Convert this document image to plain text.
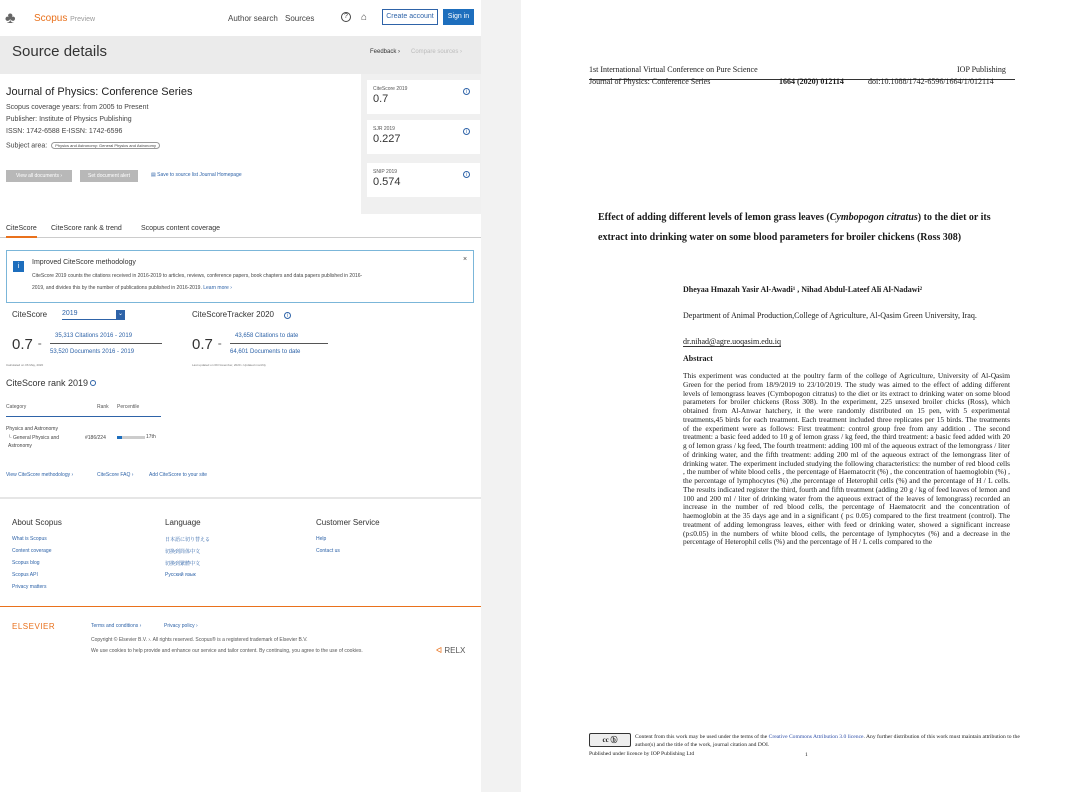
♣	Scopus Preview	Author search Sources	?	⌂	Create account	Sign in
Source details	Feedback › Compare sources ›
Journal of Physics: Conference Series
Scopus coverage years: from 2005 to Present
Publisher: Institute of Physics Publishing
ISSN: 1742-6588 E-ISSN: 1742-6596
Subject area: Physics and Astronomy: General Physics and Astronomy
View all documents ›	Set document alert	▤ Save to source list Journal Homepage
CiteScore 2019
0.7
i
SJR 2019
0.227
i
SNIP 2019
0.574
i
CiteScore CiteScore rank & trend	Scopus content coverage
i
Improved CiteScore methodology
CiteScore 2019 counts the citations received in 2016-2019 to articles, reviews, conference papers, book chapters and data papers published in 2016-2019, and divides this by the number of publications published in 2016-2019. Learn more ›
×
CiteScore 2019	⌄
0.7 =
35,313 Citations 2016 - 2019
53,520 Documents 2016 - 2019
Calculated on 06 May, 2020
CiteScoreTracker 2020	i
0.7 =
43,658 Citations to date
64,601 Documents to date
Last updated on 09 November, 2020 • Updated monthly
CiteScore rank 2019
Category	Rank Percentile
Physics and Astronomy
└ General Physics and Astronomy
#186/224	17th
View CiteScore methodology ›	CiteScore FAQ ›	Add CiteScore to your site
About Scopus
What is Scopus
Content coverage
Scopus blog
Scopus API
Privacy matters
Language
日本語に切り替える
切换到简体中文
切換到繁體中文
Русский язык
Customer Service
Help
Contact us
ELSEVIER	Terms and conditions ›	Privacy policy ›
Copyright © Elsevier B.V. ›. All rights reserved. Scopus® is a registered trademark of Elsevier B.V.
We use cookies to help provide and enhance our service and tailor content. By continuing, you agree to the use of cookies.	ᐊ RELX
1st International Virtual Conference on Pure Science	IOP Publishing
Journal of Physics: Conference Series	1664 (2020) 012114	doi:10.1088/1742-6596/1664/1/012114
Effect of adding different levels of lemon grass leaves (Cymbopogon citratus) to the diet or its extract into drinking water on some blood parameters for broiler chickens (Ross 308)
Dheyaa Hmazah Yasir Al-Awadi¹ , Nihad Abdul-Lateef Ali Al-Nadawi²
Department of Animal Production,College of Agriculture, Al-Qasim Green University, Iraq.
dr.nihad@agre.uoqasim.edu.iq
Abstract
This experiment was conducted at the poultry farm of the college of Agriculture, University of Al-Qasim Green for the period from 18/9/2019 to 23/10/2019. The study was aimed to the effect of adding different levels of lemongrass leaves (Cymbopogon citratus) to the diet or its extract to drinking water on some blood parameters for broiler chickens (Ross 308). In the experiment, 225 unsexed broiler chicks (Ross), which obtained from Al-Anwar hatchery, it the were randomly distributed on 15 pen, with 5 experimental treatments,45 birds for each treatment. Each treatment included three replicates per 15 birds. The treatments of the experiment were as follows: First treatment: control group free from any addition . The second treatment: a basic feed added to 10 g of lemon grass / kg feed, the third treatment: a basic feed added with 20 g of lemon grass / kg feed, The fourth treatment: adding 100 ml of the aqueous extract of the lemongrass / liter of drinking water, and the fifth treatment: adding 200 ml of the aqueous extract of the lemongrass liter of drinking water. The experiment included studying the following characteristics: the number of red blood cells , the number of white blood cells , the percentage of Haematocrit (%) , the concentration of haemoglobin (%) , the percentage of lymphocytes (%) ,the percentage of Heterophil cells (%) and the percentage of H / L cells. The results indicated register the third, fourth and fifth treatment (adding 20 g / kg of feed leaves of lemon and 100 and 200 ml / liter of drinking water from the aqueous extract of the leaves of lemongrass) recorded an increase in the number of red blood cells, the percentage of Haematocrit and the concentration of haemoglobin at the 35 days age and in a significant ( p≤ 0.05) compared to the first treatment (control). The treatment of adding lemongrass leaves, either with feed or drinking water, showed a significant increase (p≤0.05) in the numbers of white blood cells, the percentage of lymphocytes (%) and a decrease in the percentage of Heterophil cells (%) and the percentage of H / L cells compared to the
cc ⓑ	Content from this work may be used under the terms of the Creative Commons Attribution 3.0 licence. Any further distribution of this work must maintain attribution to the author(s) and the title of the work, journal citation and DOI.
Published under licence by IOP Publishing Ltd	1
